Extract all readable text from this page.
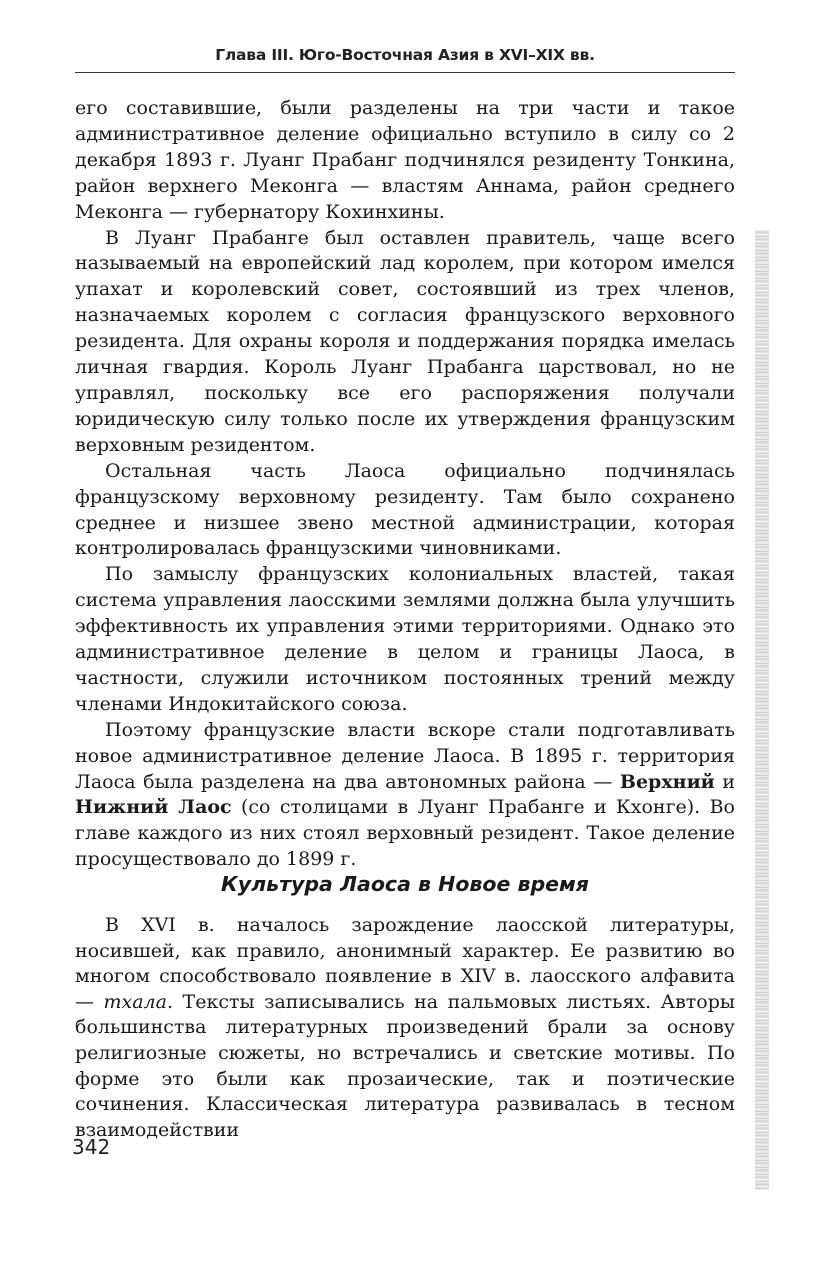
Глава III. Юго-Восточная Азия в XVI–XIX вв.

его составившие, были разделены на три части и такое административное деление официально вступило в силу со 2 декабря 1893 г. Луанг Прабанг подчинялся резиденту Тонкина, район верхнего Меконга — властям Аннама, район среднего Меконга — губернатору Кохинхины.

В Луанг Прабанге был оставлен правитель, чаще всего называемый на европейский лад королем, при котором имелся упахат и королевский совет, состоявший из трех членов, назначаемых королем с согласия французского верховного резидента. Для охраны короля и поддержания порядка имелась личная гвардия. Король Луанг Прабанга царствовал, но не управлял, поскольку все его распоряжения получали юридическую силу только после их утверждения французским верховным резидентом.

Остальная часть Лаоса официально подчинялась французскому верховному резиденту. Там было сохранено среднее и низшее звено местной администрации, которая контролировалась французскими чиновниками.

По замыслу французских колониальных властей, такая система управления лаосскими землями должна была улучшить эффективность их управления этими территориями. Однако это административное деление в целом и границы Лаоса, в частности, служили источником постоянных трений между членами Индокитайского союза.

Поэтому французские власти вскоре стали подготавливать новое административное деление Лаоса. В 1895 г. территория Лаоса была разделена на два автономных района — Верхний и Нижний Лаос (со столицами в Луанг Прабанге и Кхонге). Во главе каждого из них стоял верховный резидент. Такое деление просуществовало до 1899 г.

Культура Лаоса в Новое время

В XVI в. началось зарождение лаосской литературы, носившей, как правило, анонимный характер. Ее развитию во многом способствовало появление в XIV в. лаосского алфавита — тхала. Тексты записывались на пальмовых листьях. Авторы большинства литературных произведений брали за основу религиозные сюжеты, но встречались и светские мотивы. По форме это были как прозаические, так и поэтические сочинения. Классическая литература развивалась в тесном взаимодействии

342
